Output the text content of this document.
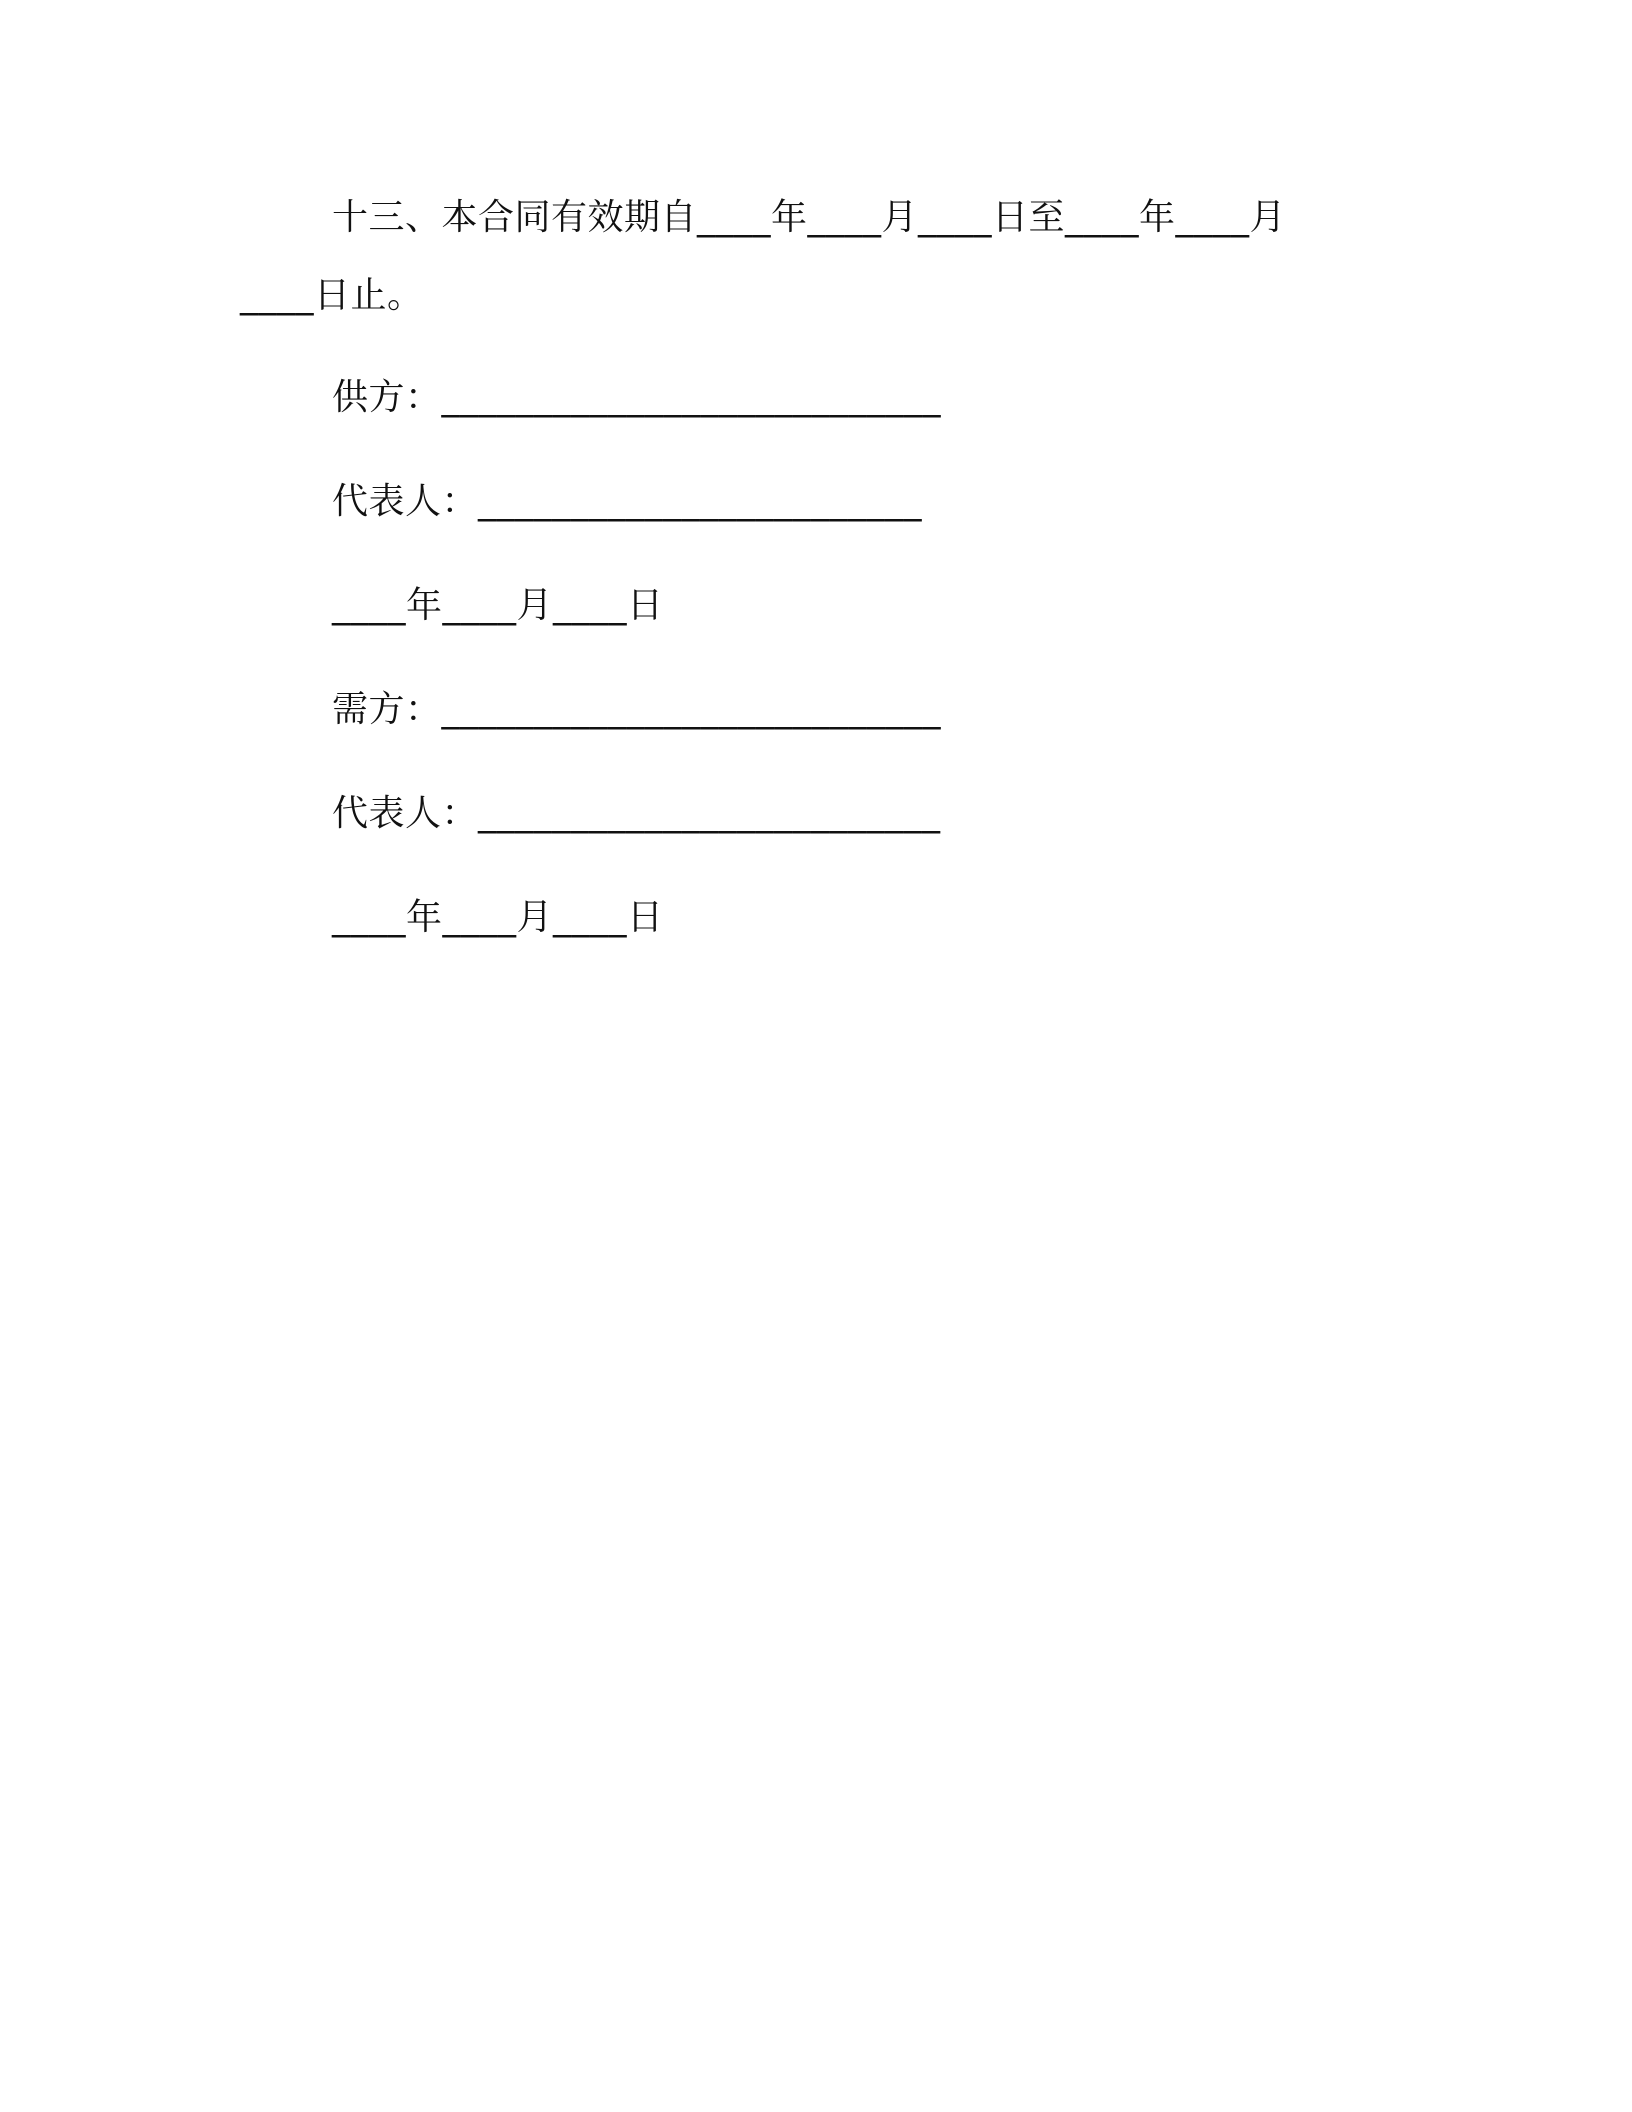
十三、本合同有效期自____年____月____日至____年____月
____日止。
供方：___________________________
代表人：________________________
____年____月____日
需方：___________________________
代表人：_________________________
____年____月____日
